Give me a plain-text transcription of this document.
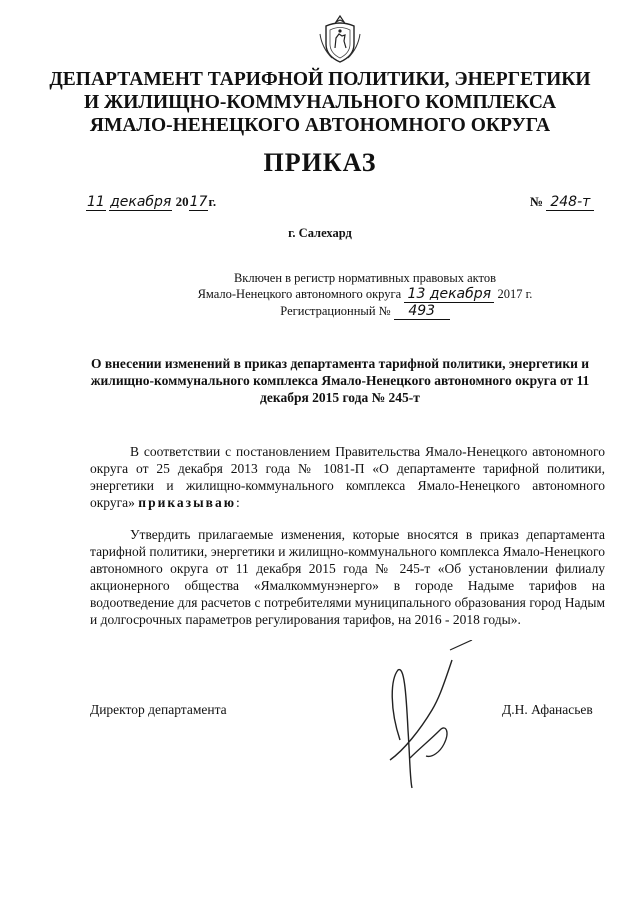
ДЕПАРТАМЕНТ ТАРИФНОЙ ПОЛИТИКИ, ЭНЕРГЕТИКИ
И ЖИЛИЩНО-КОММУНАЛЬНОГО КОМПЛЕКСА
ЯМАЛО-НЕНЕЦКОГО АВТОНОМНОГО ОКРУГА
ПРИКАЗ
11 декабря 2017г.	№ 248-т
г. Салехард
Включен в регистр нормативных правовых актов
Ямало-Ненецкого автономного округа 13 декабря 2017 г.
Регистрационный № 493
О внесении изменений в приказ департамента тарифной политики, энергетики и жилищно-коммунального комплекса Ямало-Ненецкого автономного округа от 11 декабря 2015 года № 245-т
В соответствии с постановлением Правительства Ямало-Ненецкого автономного округа от 25 декабря 2013 года № 1081-П «О департаменте тарифной политики, энергетики и жилищно-коммунального комплекса Ямало-Ненецкого автономного округа» приказываю:
Утвердить прилагаемые изменения, которые вносятся в приказ департамента тарифной политики, энергетики и жилищно-коммунального комплекса Ямало-Ненецкого автономного округа от 11 декабря 2015 года № 245-т «Об установлении филиалу акционерного общества «Ямалкоммунэнерго» в городе Надыме тарифов на водоотведение для расчетов с потребителями муниципального образования город Надым и долгосрочных параметров регулирования тарифов, на 2016 - 2018 годы».
Директор департамента	Д.Н. Афанасьев
